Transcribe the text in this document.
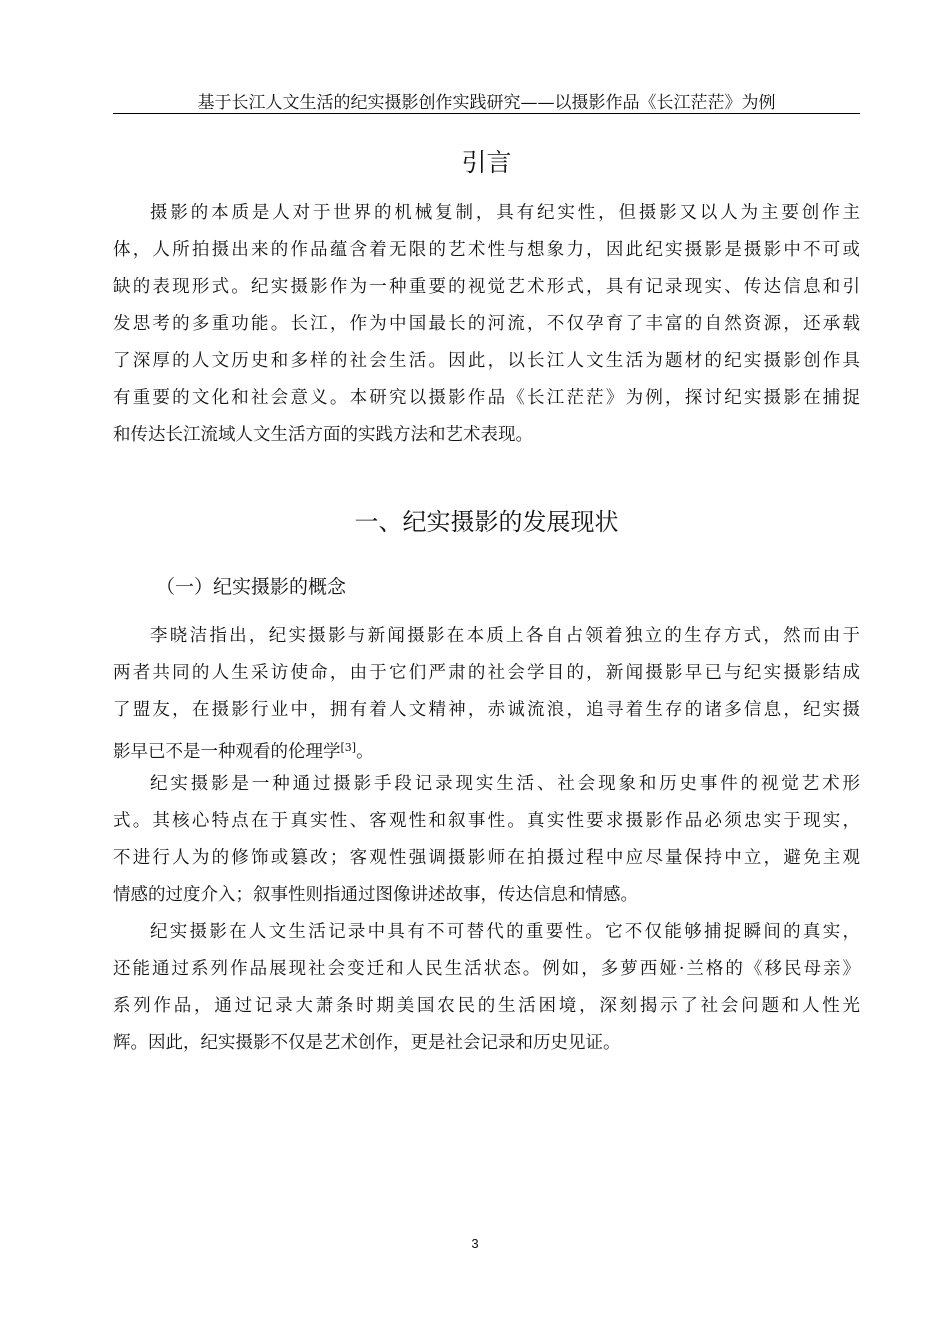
基于长江人文生活的纪实摄影创作实践研究——以摄影作品《长江茫茫》为例
引言

摄影的本质是人对于世界的机械复制，具有纪实性，但摄影又以人为主要创作主
体，人所拍摄出来的作品蕴含着无限的艺术性与想象力，因此纪实摄影是摄影中不可或
缺的表现形式。纪实摄影作为一种重要的视觉艺术形式，具有记录现实、传达信息和引
发思考的多重功能。长江，作为中国最长的河流，不仅孕育了丰富的自然资源，还承载
了深厚的人文历史和多样的社会生活。因此，以长江人文生活为题材的纪实摄影创作具
有重要的文化和社会意义。本研究以摄影作品《长江茫茫》为例，探讨纪实摄影在捕捉
和传达长江流域人文生活方面的实践方法和艺术表现。

一、纪实摄影的发展现状
（一）纪实摄影的概念

李晓洁指出，纪实摄影与新闻摄影在本质上各自占领着独立的生存方式，然而由于
两者共同的人生采访使命，由于它们严肃的社会学目的，新闻摄影早已与纪实摄影结成
了盟友，在摄影行业中，拥有着人文精神，赤诚流浪，追寻着生存的诸多信息，纪实摄
影早已不是一种观看的伦理学[3]。

纪实摄影是一种通过摄影手段记录现实生活、社会现象和历史事件的视觉艺术形
式。其核心特点在于真实性、客观性和叙事性。真实性要求摄影作品必须忠实于现实，
不进行人为的修饰或篡改；客观性强调摄影师在拍摄过程中应尽量保持中立，避免主观
情感的过度介入；叙事性则指通过图像讲述故事，传达信息和情感。

纪实摄影在人文生活记录中具有不可替代的重要性。它不仅能够捕捉瞬间的真实，
还能通过系列作品展现社会变迁和人民生活状态。例如，多萝西娅·兰格的《移民母亲》
系列作品，通过记录大萧条时期美国农民的生活困境，深刻揭示了社会问题和人性光
辉。因此，纪实摄影不仅是艺术创作，更是社会记录和历史见证。

3
